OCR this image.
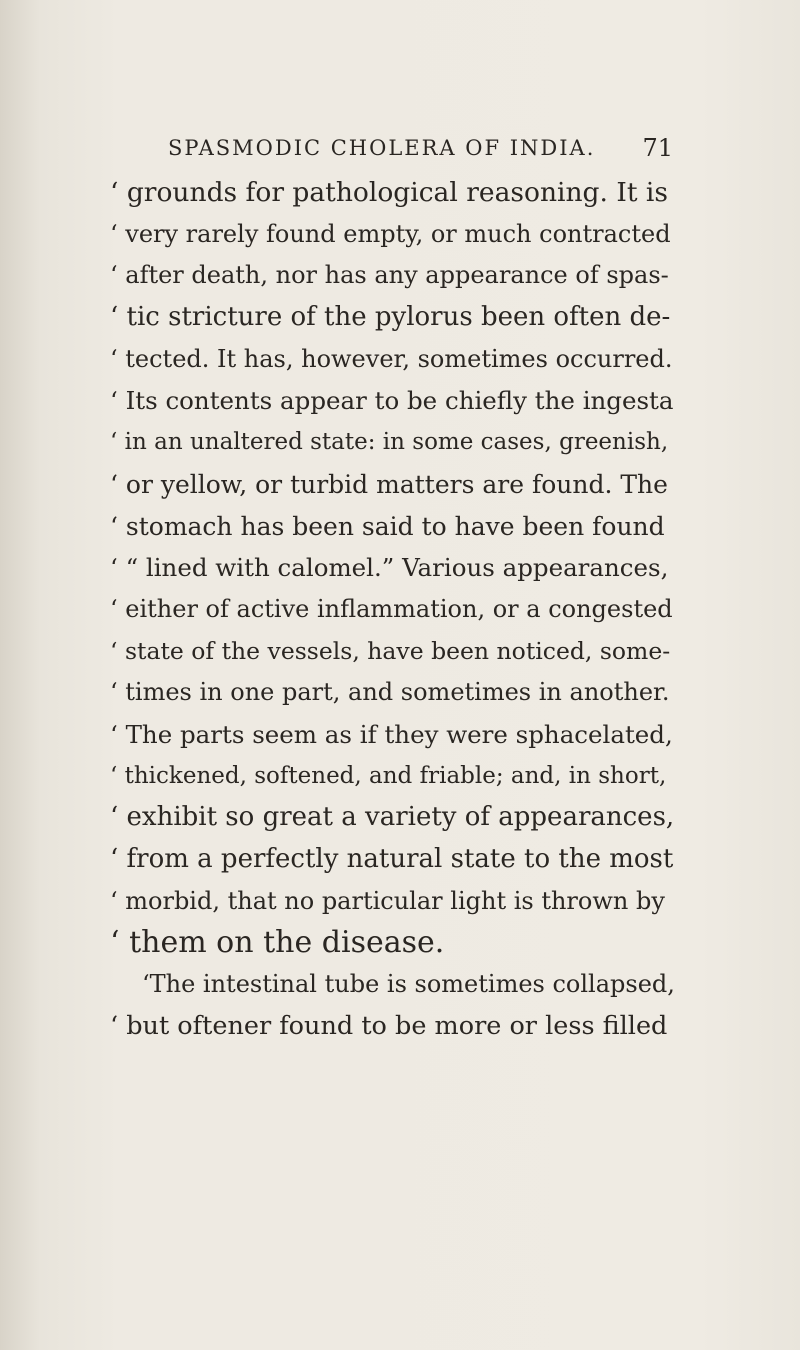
SPASMODIC CHOLERA OF INDIA. 71
‘ grounds for pathological reasoning. It is
‘ very rarely found empty, or much contracted
‘ after death, nor has any appearance of spas-
‘ tic stricture of the pylorus been often de-
‘ tected. It has, however, sometimes occurred.
‘ Its contents appear to be chiefly the ingesta
‘ in an unaltered state: in some cases, greenish,
‘ or yellow, or turbid matters are found. The
‘ stomach has been said to have been found
‘ “ lined with calomel.” Various appearances,
‘ either of active inflammation, or a congested
‘ state of the vessels, have been noticed, some-
‘ times in one part, and sometimes in another.
‘ The parts seem as if they were sphacelated,
‘ thickened, softened, and friable; and, in short,
‘ exhibit so great a variety of appearances,
‘ from a perfectly natural state to the most
‘ morbid, that no particular light is thrown by
‘ them on the disease.
‘The intestinal tube is sometimes collapsed,
‘ but oftener found to be more or less filled
